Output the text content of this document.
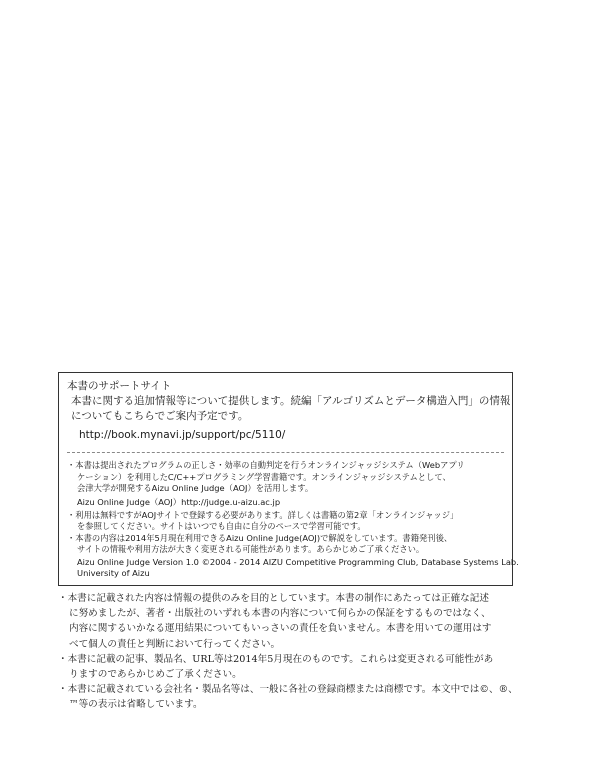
本書のサポートサイト
本書に関する追加情報等について提供します。続編「アルゴリズムとデータ構造入門」の情報
についてもこちらでご案内予定です。
http://book.mynavi.jp/support/pc/5110/
・本書は提出されたプログラムの正しさ・効率の自動判定を行うオンラインジャッジシステム（Webアプリ
ケーション）を利用したC/C++プログラミング学習書籍です。オンラインジャッジシステムとして、
会津大学が開発するAizu Online Judge（AOJ）を活用します。
Aizu Online Judge（AOJ）http://judge.u-aizu.ac.jp
・利用は無料ですがAOJサイトで登録する必要があります。詳しくは書籍の第2章「オンラインジャッジ」
を参照してください。サイトはいつでも自由に自分のペースで学習可能です。
・本書の内容は2014年5月現在利用できるAizu Online Judge(AOJ)で解説をしています。書籍発刊後、
サイトの情報や利用方法が大きく変更される可能性があります。あらかじめご了承ください。
Aizu Online Judge Version 1.0 ©2004 - 2014 AIZU Competitive Programming Club, Database Systems Lab.
University of Aizu
・本書に記載された内容は情報の提供のみを目的としています。本書の制作にあたっては正確な記述
に努めましたが、著者・出版社のいずれも本書の内容について何らかの保証をするものではなく、
内容に関するいかなる運用結果についてもいっさいの責任を負いません。本書を用いての運用はす
べて個人の責任と判断において行ってください。
・本書に記載の記事、製品名、URL等は2014年5月現在のものです。これらは変更される可能性があ
りますのであらかじめご了承ください。
・本書に記載されている会社名・製品名等は、一般に各社の登録商標または商標です。本文中では©、®、
™等の表示は省略しています。
